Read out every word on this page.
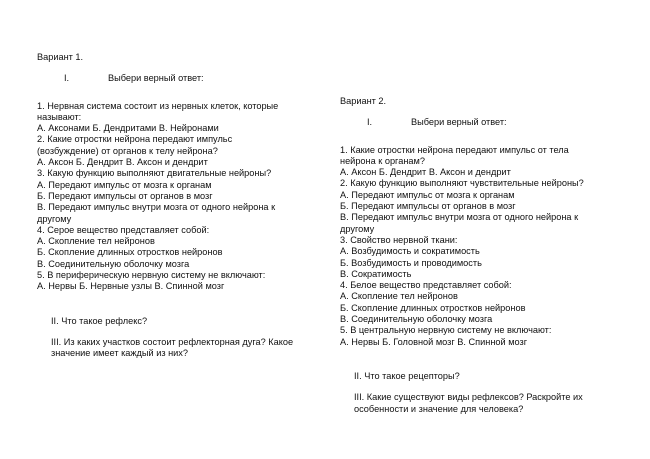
Вариант 1.
I.	Выбери верный ответ:
1. Нервная система состоит из нервных клеток, которые
называют:
А. Аксонами Б. Дендритами В. Нейронами
2. Какие отростки нейрона передают импульс
(возбуждение) от органов к телу нейрона?
А. Аксон Б. Дендрит В. Аксон и дендрит
3. Какую функцию выполняют двигательные нейроны?
А. Передают импульс от мозга к органам
Б. Передают импульсы от органов в мозг
В. Передают импульс внутри мозга от одного нейрона к
другому
4. Серое вещество представляет собой:
А. Скопление тел нейронов
Б. Скопление длинных отростков нейронов
В. Соединительную оболочку мозга
5. В периферическую нервную систему не включают:
А. Нервы Б. Нервные узлы В. Спинной мозг
II. Что такое рефлекс?
III. Из каких участков состоит рефлекторная дуга? Какое
значение имеет каждый из них?
Вариант 2.
I.	Выбери верный ответ:
1. Какие отростки нейрона передают импульс от тела
нейрона к органам?
А. Аксон Б. Дендрит В. Аксон и дендрит
2. Какую функцию выполняют чувствительные нейроны?
А. Передают импульс от мозга к органам
Б. Передают импульсы от органов в мозг
В. Передают импульс внутри мозга от одного нейрона к
другому
3. Свойство нервной ткани:
А. Возбудимость и сократимость
Б. Возбудимость и проводимость
В. Сократимость
4. Белое вещество представляет собой:
А. Скопление тел нейронов
Б. Скопление длинных отростков нейронов
В. Соединительную оболочку мозга
5. В центральную нервную систему не включают:
А. Нервы Б. Головной мозг В. Спинной мозг
II. Что такое рецепторы?
III. Какие существуют виды рефлексов? Раскройте их
особенности и значение для человека?
